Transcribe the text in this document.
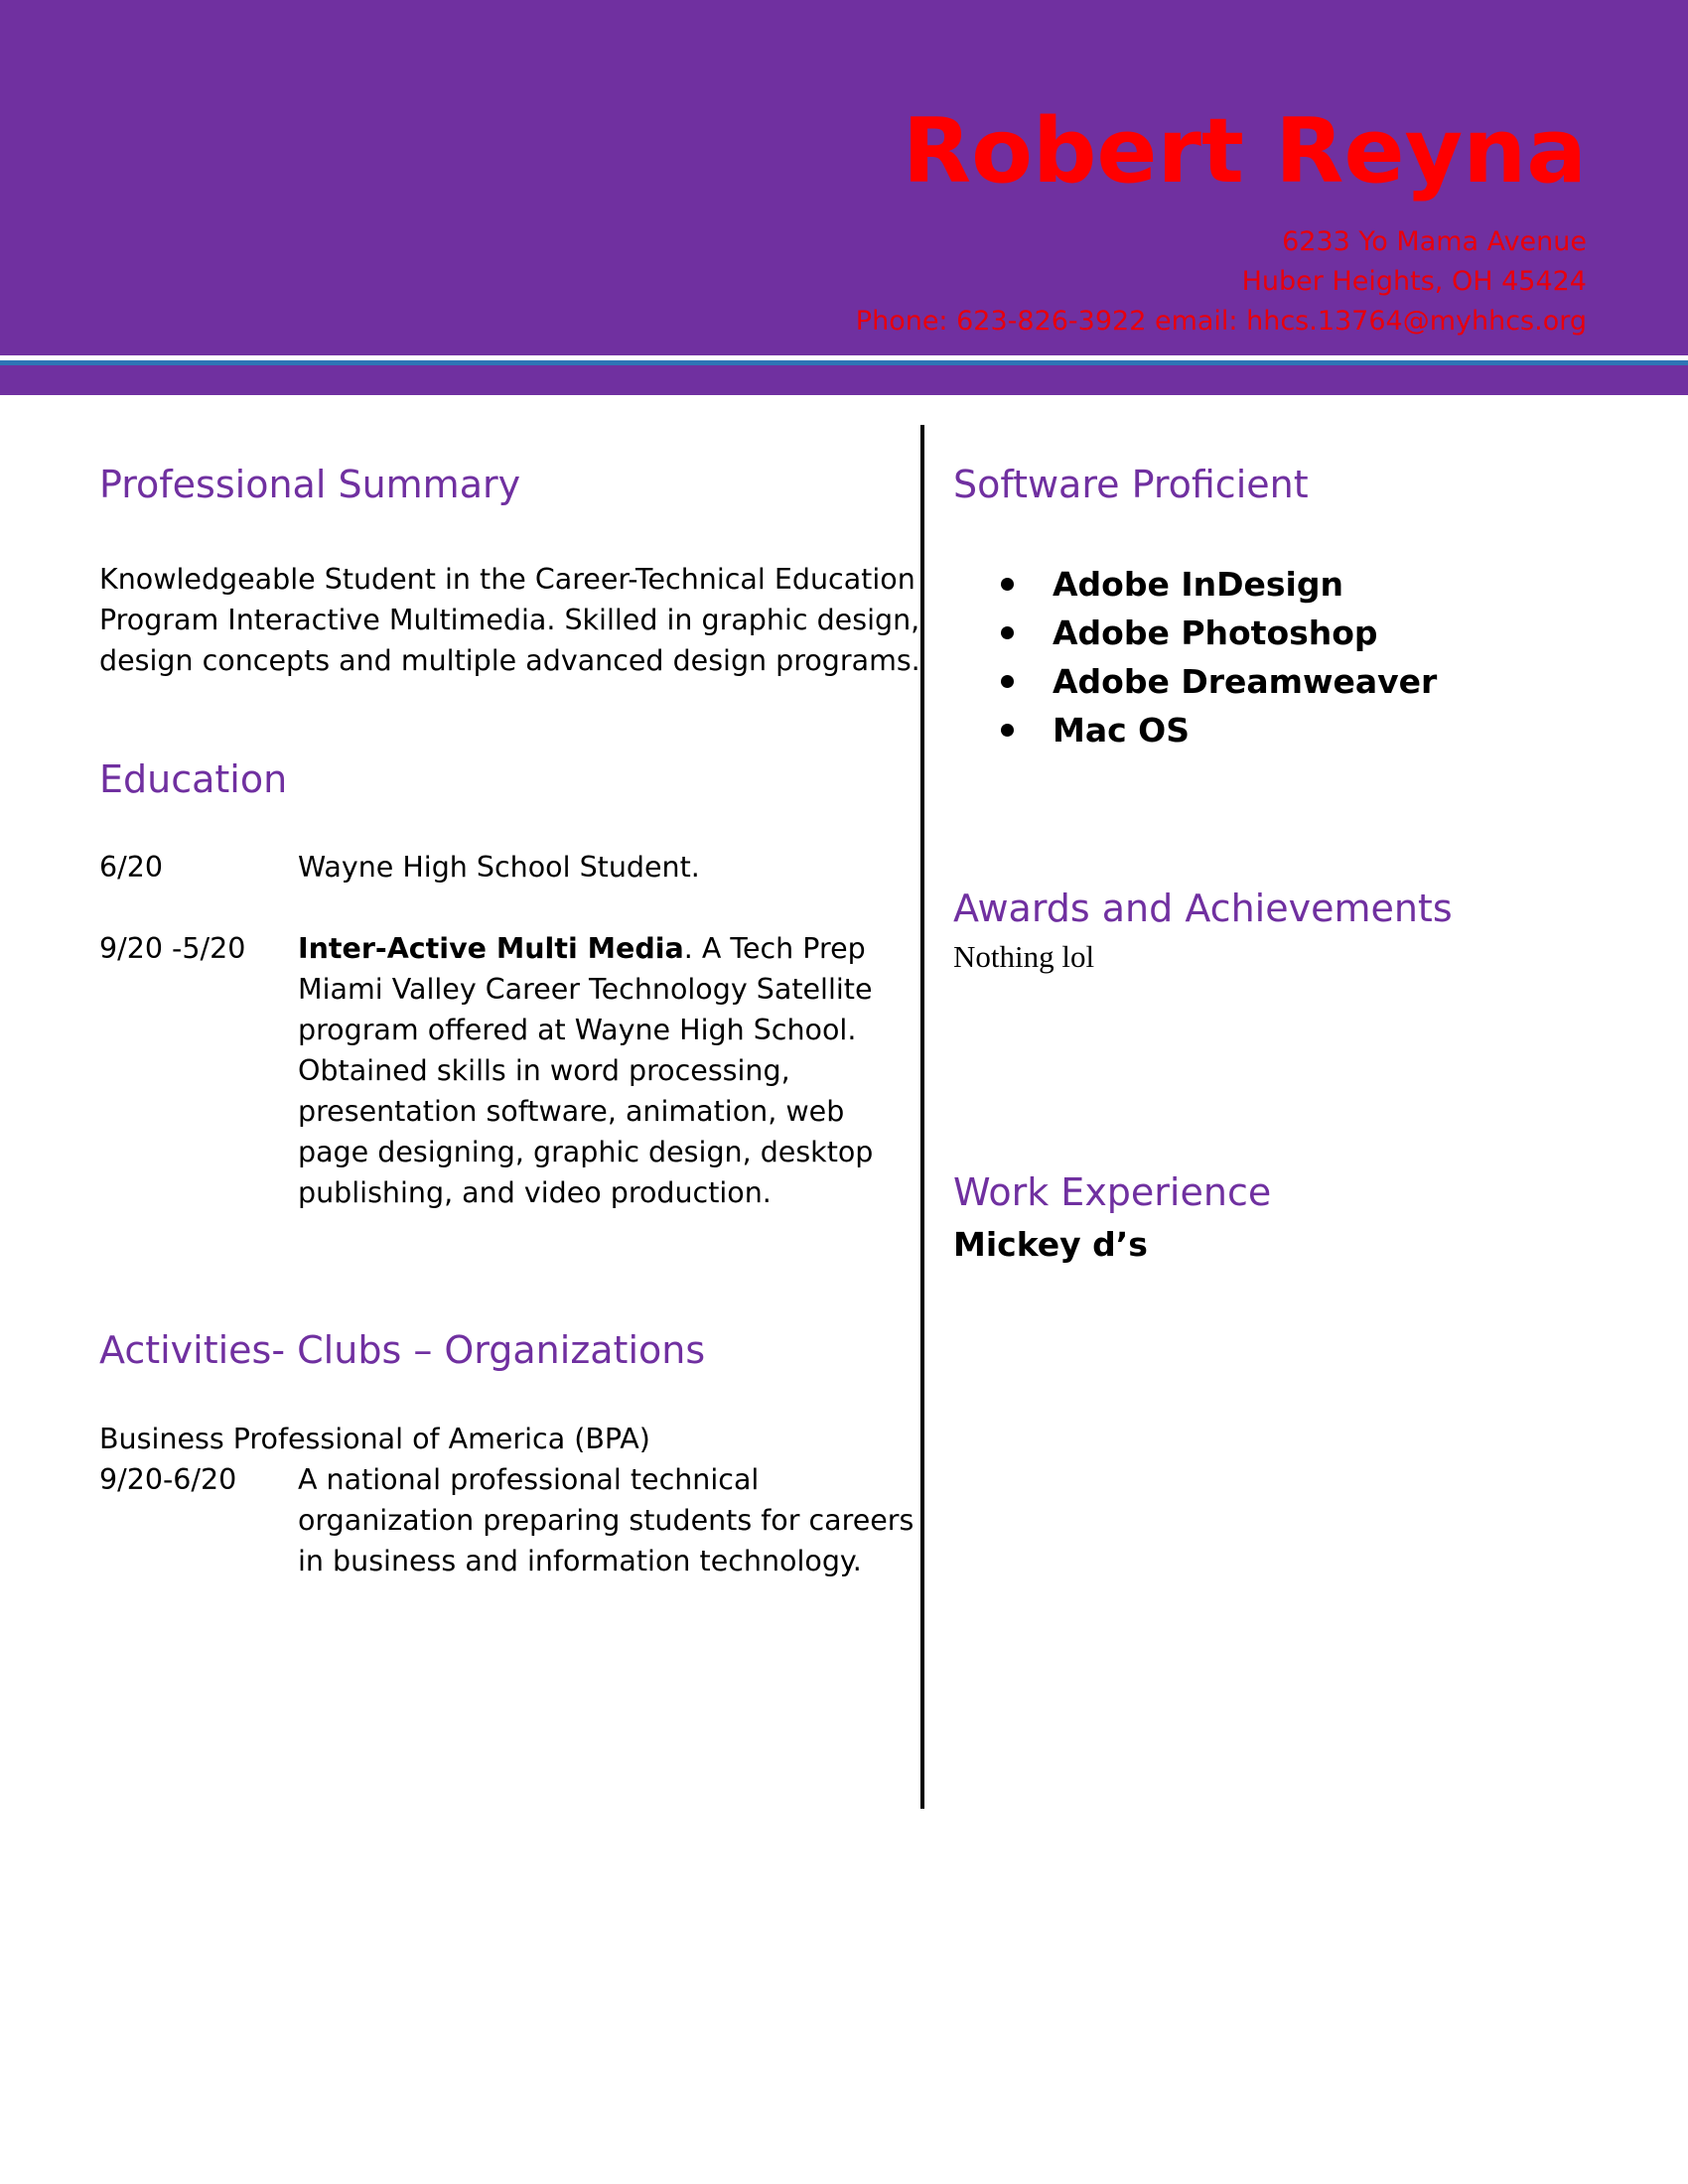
Robert Reyna
6233 Yo Mama Avenue
Huber Heights, OH 45424
Phone: 623-826-3922 email: hhcs.13764@myhhcs.org
Professional Summary
Knowledgeable Student in the Career-Technical Education
Program Interactive Multimedia. Skilled in graphic design,
design concepts and multiple advanced design programs.
Education
6/20	Wayne High School Student.
9/20 -5/20 Inter-Active Multi Media. A Tech Prep
Miami Valley Career Technology Satellite
program offered at Wayne High School.
Obtained skills in word processing,
presentation software, animation, web
page designing, graphic design, desktop
publishing, and video production.
Activities- Clubs – Organizations
Business Professional of America (BPA)
9/20-6/20 A national professional technical
organization preparing students for careers
in business and information technology.
Software Proficient
Adobe InDesign
Adobe Photoshop
Adobe Dreamweaver
Mac OS
Awards and Achievements
Nothing lol
Work Experience
Mickey d’s
